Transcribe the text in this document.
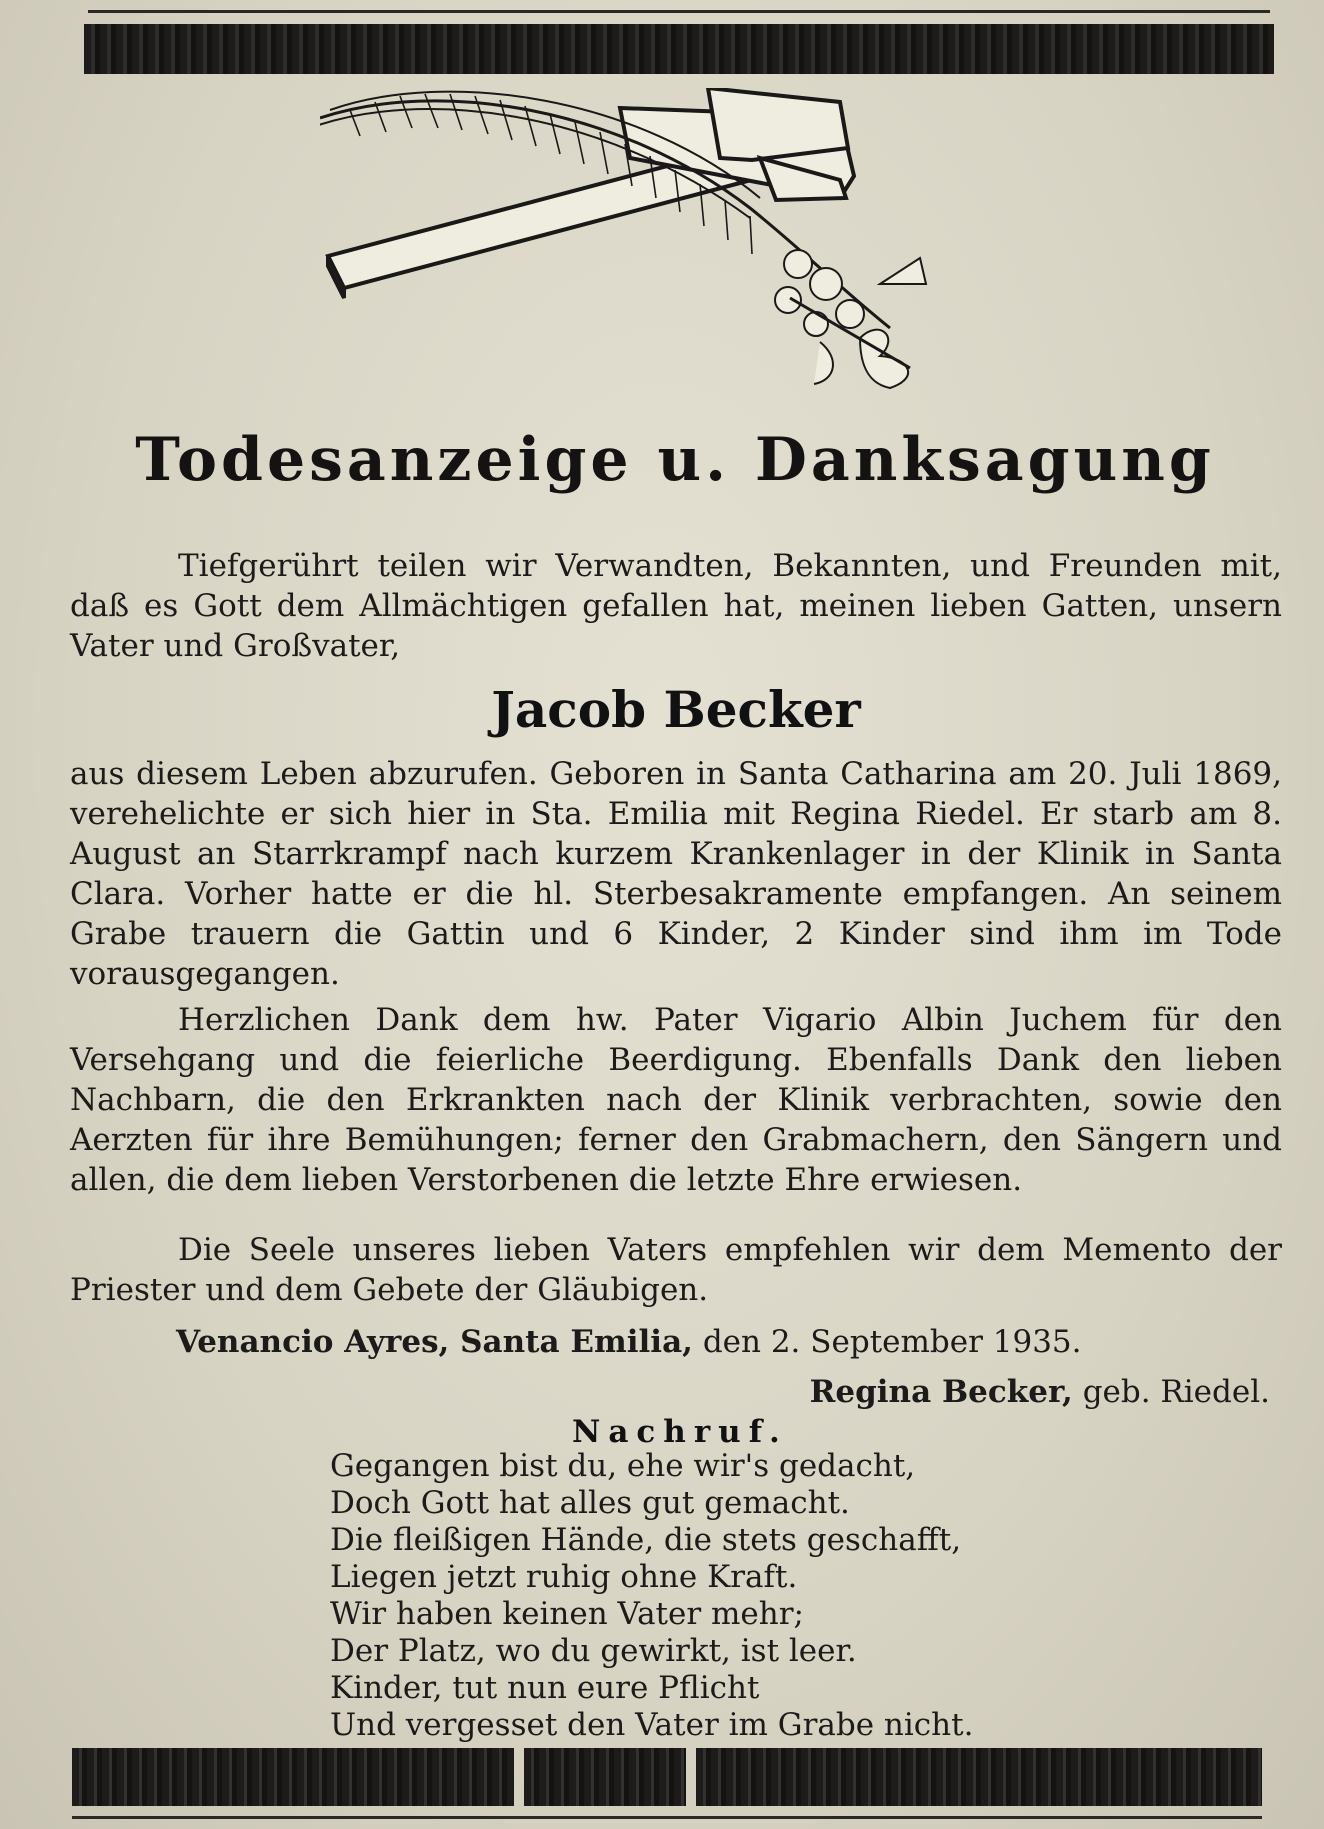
Todesanzeige u. Danksagung
Tiefgerührt teilen wir Verwandten, Bekannten, und Freunden mit, daß es Gott dem Allmächtigen gefallen hat, meinen lieben Gatten, unsern Vater und Großvater,
Jacob Becker
aus diesem Leben abzurufen. Geboren in Santa Catharina am 20. Juli 1869, verehelichte er sich hier in Sta. Emilia mit Regina Riedel. Er starb am 8. August an Starrkrampf nach kurzem Krankenlager in der Klinik in Santa Clara. Vorher hatte er die hl. Sterbesakramente empfangen. An seinem Grabe trauern die Gattin und 6 Kinder, 2 Kinder sind ihm im Tode vorausgegangen.
Herzlichen Dank dem hw. Pater Vigario Albin Juchem für den Versehgang und die feierliche Beerdigung. Ebenfalls Dank den lieben Nachbarn, die den Erkrankten nach der Klinik verbrachten, sowie den Aerzten für ihre Bemühungen; ferner den Grabmachern, den Sängern und allen, die dem lieben Verstorbenen die letzte Ehre erwiesen.
Die Seele unseres lieben Vaters empfehlen wir dem Memento der Priester und dem Gebete der Gläubigen.
Venancio Ayres, Santa Emilia, den 2. September 1935.
Regina Becker, geb. Riedel.
Nachruf.
Gegangen bist du, ehe wir's gedacht,
Doch Gott hat alles gut gemacht.
Die fleißigen Hände, die stets geschafft,
Liegen jetzt ruhig ohne Kraft.
Wir haben keinen Vater mehr;
Der Platz, wo du gewirkt, ist leer.
Kinder, tut nun eure Pflicht
Und vergesset den Vater im Grabe nicht.
